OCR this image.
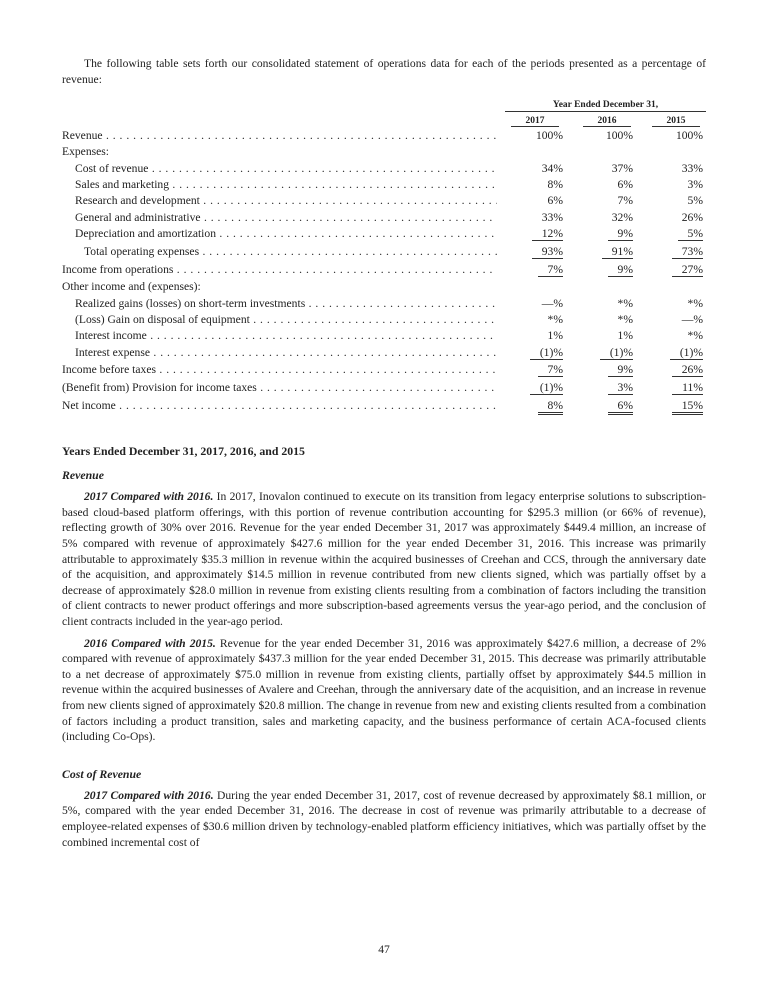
The following table sets forth our consolidated statement of operations data for each of the periods presented as a percentage of revenue:

Year Ended December 31,
2017	2016	2015
Revenue . . .	100%	100%	100%
Expenses:
Cost of revenue . . .	34%	37%	33%
Sales and marketing . . .	8%	6%	3%
Research and development . . .	6%	7%	5%
General and administrative . . .	33%	32%	26%
Depreciation and amortization . . .	12%	9%	5%
Total operating expenses . . .	93%	91%	73%
Income from operations . . .	7%	9%	27%
Other income and (expenses):
Realized gains (losses) on short-term investments . . .	—%	*%	*%
(Loss) Gain on disposal of equipment . . .	*%	*%	—%
Interest income . . .	1%	1%	*%
Interest expense . . .	(1)%	(1)%	(1)%
Income before taxes . . .	7%	9%	26%
(Benefit from) Provision for income taxes . . .	(1)%	3%	11%
Net income . . .	8%	6%	15%
Years Ended December 31, 2017, 2016, and 2015
Revenue

2017 Compared with 2016. In 2017, Inovalon continued to execute on its transition from legacy enterprise solutions to subscription-based cloud-based platform offerings, with this portion of revenue contribution accounting for $295.3 million (or 66% of revenue), reflecting growth of 30% over 2016. Revenue for the year ended December 31, 2017 was approximately $449.4 million, an increase of 5% compared with revenue of approximately $427.6 million for the year ended December 31, 2016. This increase was primarily attributable to approximately $35.3 million in revenue within the acquired businesses of Creehan and CCS, through the anniversary date of the acquisition, and approximately $14.5 million in revenue contributed from new clients signed, which was partially offset by a decrease of approximately $28.0 million in revenue from existing clients resulting from a combination of factors including the transition of client contracts to newer product offerings and more subscription-based agreements versus the year-ago period, and the conclusion of client contracts included in the year-ago period.

2016 Compared with 2015. Revenue for the year ended December 31, 2016 was approximately $427.6 million, a decrease of 2% compared with revenue of approximately $437.3 million for the year ended December 31, 2015. This decrease was primarily attributable to a net decrease of approximately $75.0 million in revenue from existing clients, partially offset by approximately $44.5 million in revenue within the acquired businesses of Avalere and Creehan, through the anniversary date of the acquisition, and an increase in revenue from new clients signed of approximately $20.8 million. The change in revenue from new and existing clients resulted from a combination of factors including a product transition, sales and marketing capacity, and the business performance of certain ACA-focused clients (including Co-Ops).

Cost of Revenue

2017 Compared with 2016. During the year ended December 31, 2017, cost of revenue decreased by approximately $8.1 million, or 5%, compared with the year ended December 31, 2016. The decrease in cost of revenue was primarily attributable to a decrease of employee-related expenses of $30.6 million driven by technology-enabled platform efficiency initiatives, which was partially offset by the combined incremental cost of

47
